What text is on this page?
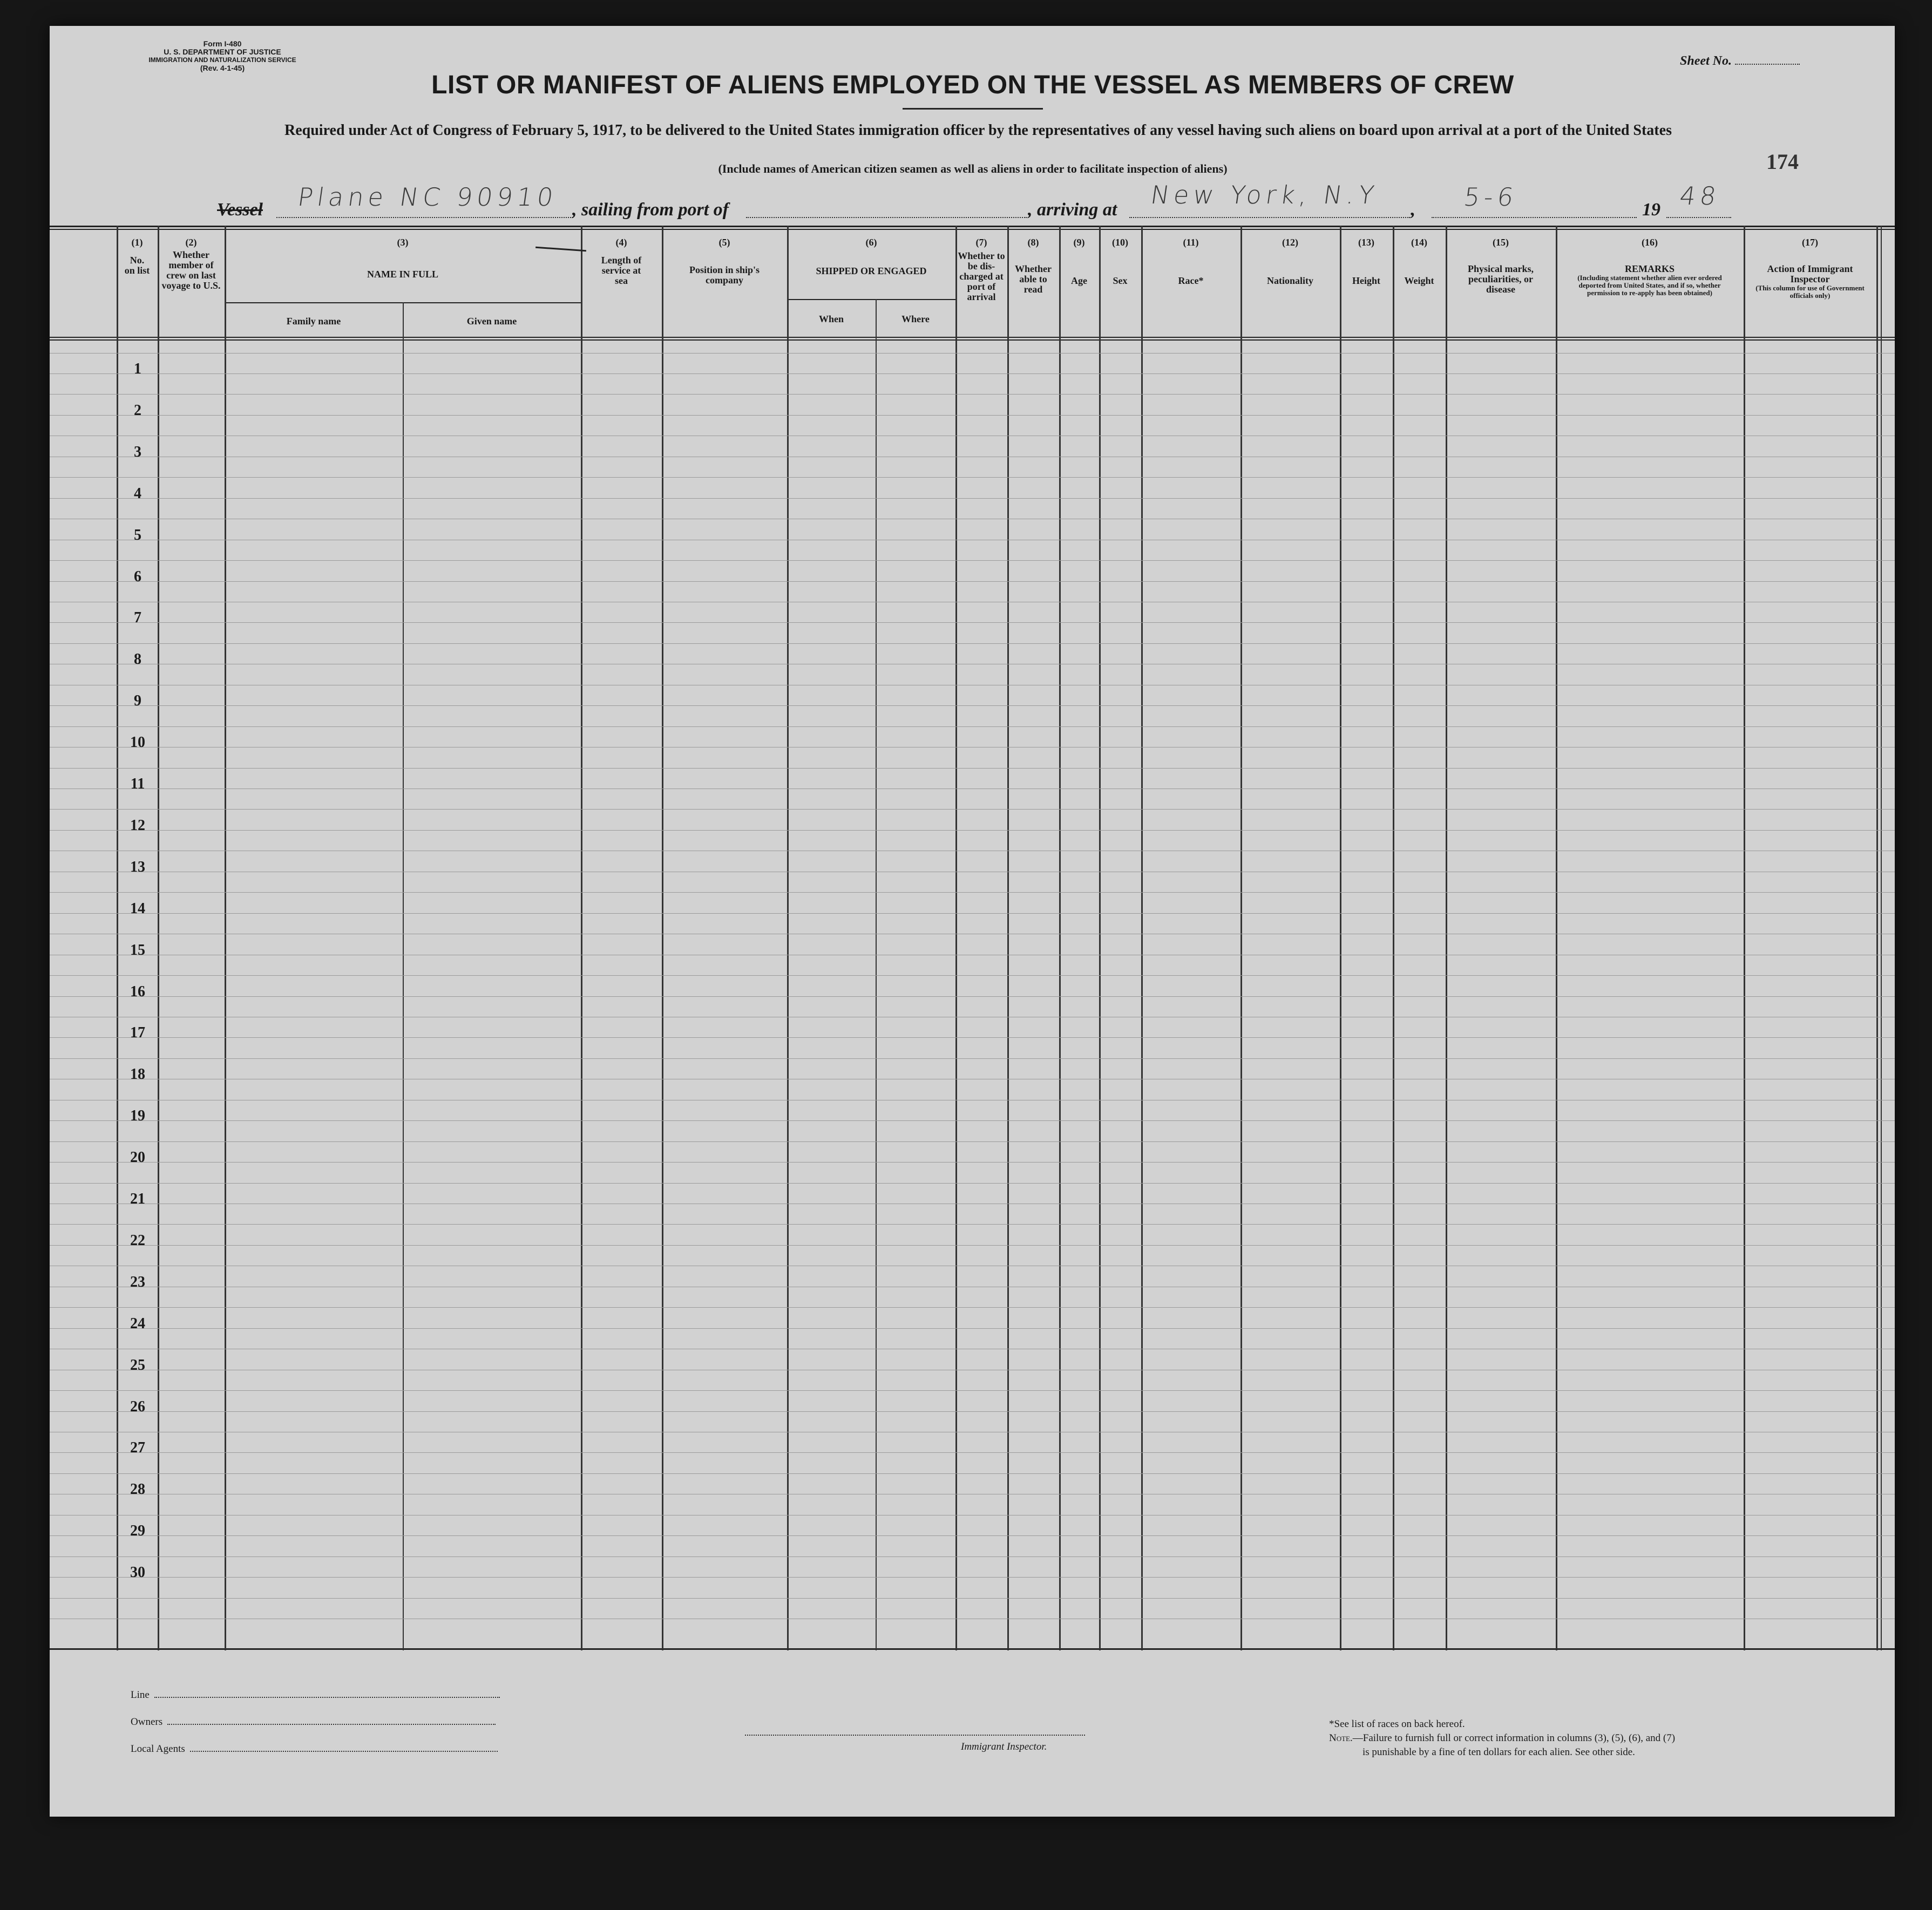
Form I-480
U. S. DEPARTMENT OF JUSTICE
IMMIGRATION AND NATURALIZATION SERVICE
(Rev. 4-1-45)	Sheet No.
LIST OR MANIFEST OF ALIENS EMPLOYED ON THE VESSEL AS MEMBERS OF CREW
Required under Act of Congress of February 5, 1917, to be delivered to the United States immigration officer by the representatives of any vessel having such aliens on board upon arrival at a port of the United States
(Include names of American citizen seamen as well as aliens in order to facilitate inspection of aliens)	174
Vessel Plane NC 90910 , sailing from port of	, arriving at
New York, N.Y
, 5-6	19 48
(1)
No. on list
(2)
Whether member of crew on last voyage to U.S.
(3)
NAME IN FULL
Family name	Given name
(4)
Length of service at sea
(5)
Position in ship's company
(6)
SHIPPED OR ENGAGED
When	Where
(7)
Whether to be dis-charged at port of arrival
(8)
Whether able to read
(9)
Age
(10)
Sex
(11)
Race*
(12)
Nationality
(13)
Height
(14)
Weight
(15)
Physical marks, peculiarities, or disease
(16)
REMARKS
(Including statement whether alien ever ordered deported from United States, and if so, whether permission to re-apply has been obtained)
(17)
Action of Immigrant Inspector
(This column for use of Government officials only)
1
2
3
4
5
6
7
8
9
10
11
12
13
14
15
16
17
18
19
20
21
22
23
24
25
26
27
28
29
30
Line
Owners
Local Agents	Immigrant Inspector.
*See list of races on back hereof.
Note.—Failure to furnish full or correct information in columns (3), (5), (6), and (7)
is punishable by a fine of ten dollars for each alien. See other side.
